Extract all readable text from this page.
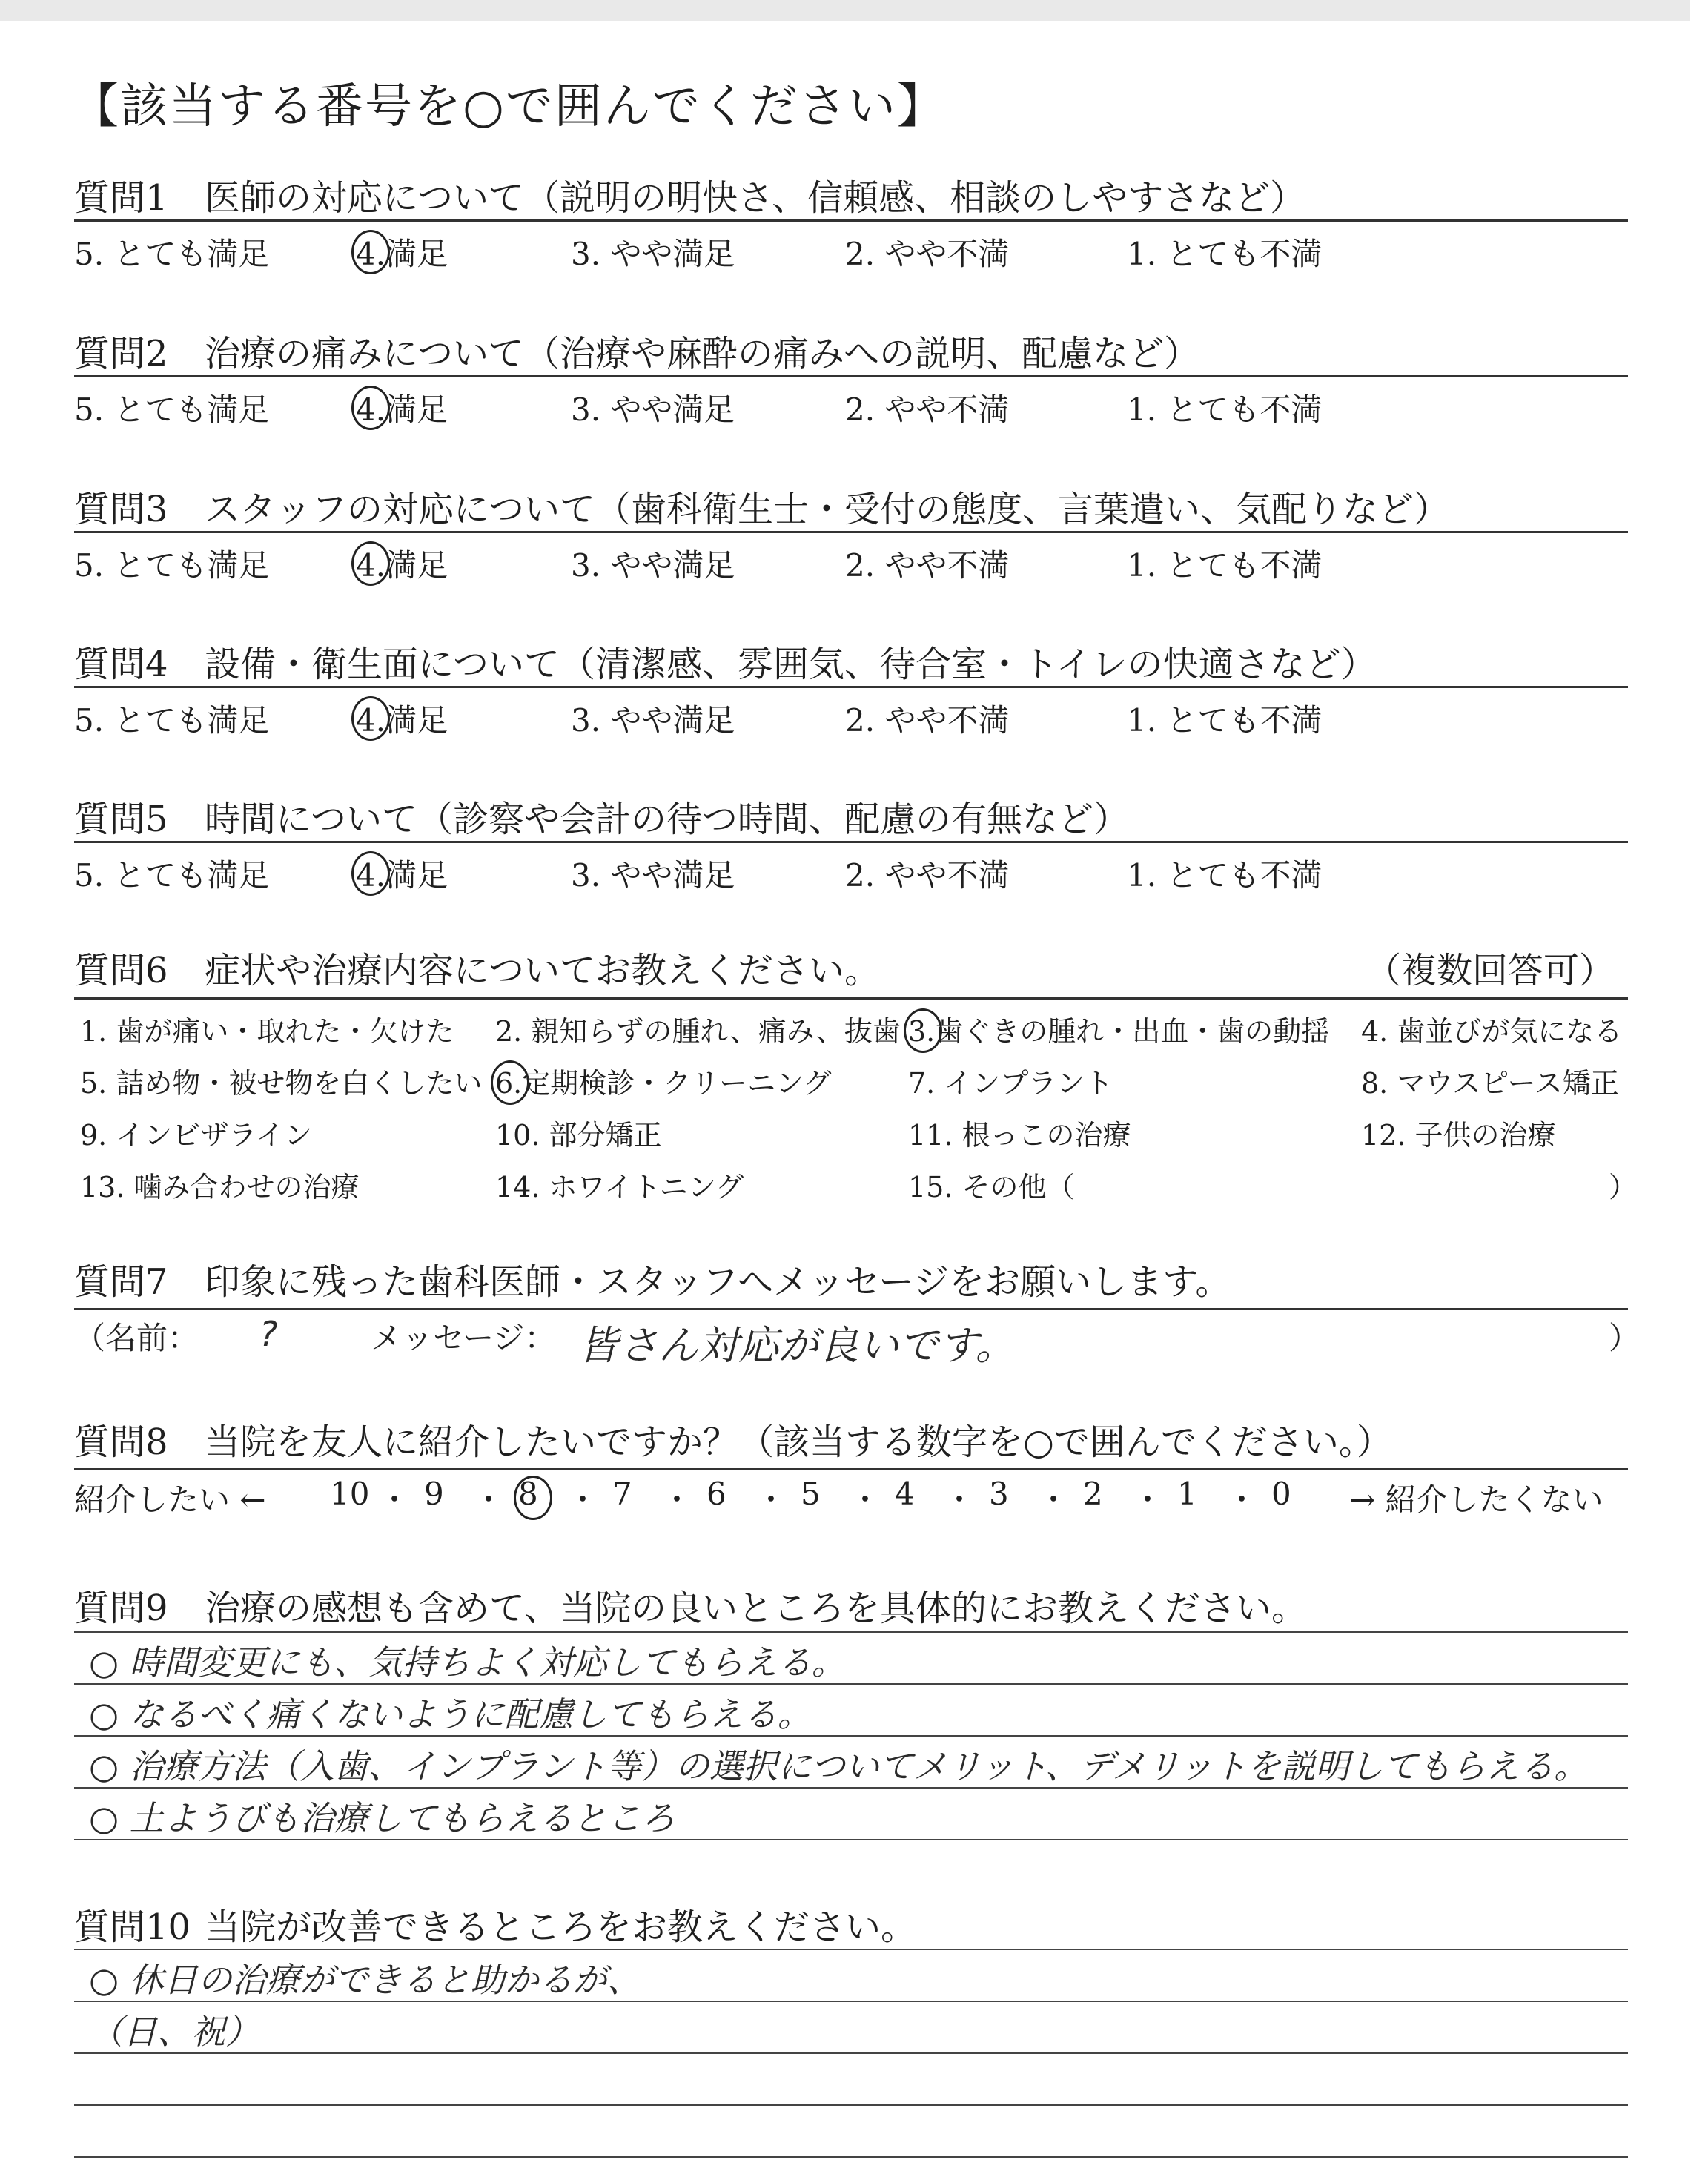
【該当する番号を○で囲んでください】
質問1 医師の対応について（説明の明快さ、信頼感、相談のしやすさなど）
5. とても満足	4.満足	3. やや満足	2. やや不満	1. とても不満
質問2 治療の痛みについて（治療や麻酔の痛みへの説明、配慮など）
5. とても満足	4.満足	3. やや満足	2. やや不満	1. とても不満
質問3 スタッフの対応について（歯科衛生士・受付の態度、言葉遣い、気配りなど）
5. とても満足	4.満足	3. やや満足	2. やや不満	1. とても不満
質問4 設備・衛生面について（清潔感、雰囲気、待合室・トイレの快適さなど）
5. とても満足	4.満足	3. やや満足	2. やや不満	1. とても不満
質問5 時間について（診察や会計の待つ時間、配慮の有無など）
5. とても満足	4.満足	3. やや満足	2. やや不満	1. とても不満
質問6 症状や治療内容についてお教えください。	（複数回答可）
1. 歯が痛い・取れた・欠けた 2. 親知らずの腫れ、痛み、抜歯 3.歯ぐきの腫れ・出血・歯の動揺 4. 歯並びが気になる
5. 詰め物・被せ物を白くしたい 6.定期検診・クリーニング	7. インプラント	8. マウスピース矯正
9. インビザライン	10. 部分矯正	11. 根っこの治療	12. 子供の治療
13. 噛み合わせの治療	14. ホワイトニング	15. その他（	）
質問7 印象に残った歯科医師・スタッフへメッセージをお願いします。
（名前： ?	メッセージ： 皆さん対応が良いです。	）
質問8 当院を友人に紹介したいですか？（該当する数字を○で囲んでください。）
紹介したい ←	→ 紹介したくない
10 ・ 9 ・ 8 ・ 7 ・ 6 ・ 5 ・ 4 ・ 3 ・ 2 ・ 1 ・ 0
質問9 治療の感想も含めて、当院の良いところを具体的にお教えください。
○ 時間変更にも、気持ちよく対応してもらえる。
○ なるべく痛くないように配慮してもらえる。
○ 治療方法（入歯、インプラント等）の選択についてメリット、デメリットを説明してもらえる。
○ 土ようびも治療してもらえるところ
質問10 当院が改善できるところをお教えください。
○ 休日の治療ができると助かるが、
（日、祝）
